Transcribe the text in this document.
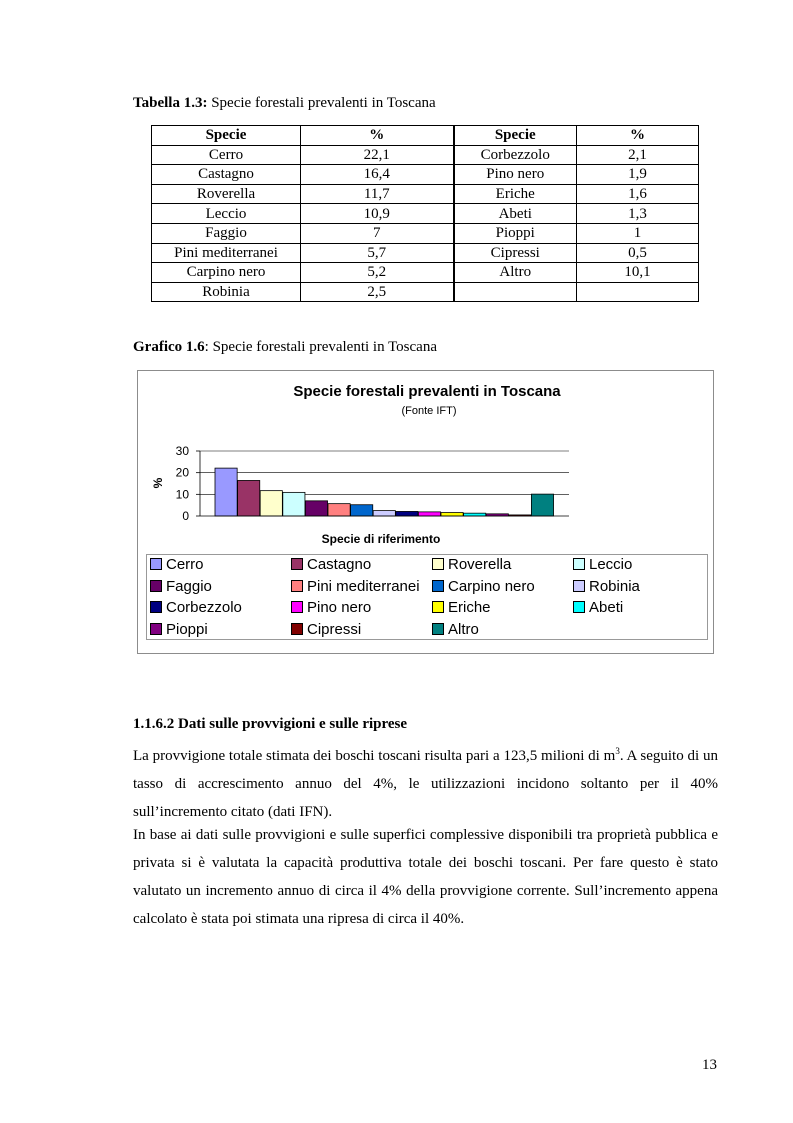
Tabella 1.3: Specie forestali prevalenti in Toscana
Specie	%	Specie	%
Cerro	22,1	Corbezzolo	2,1
Castagno	16,4	Pino nero	1,9
Roverella	11,7	Eriche	1,6
Leccio	10,9	Abeti	1,3
Faggio	7	Pioppi	1
Pini mediterranei	5,7	Cipressi	0,5
Carpino nero	5,2	Altro	10,1
Robinia	2,5		
Grafico 1.6: Specie forestali prevalenti in Toscana
Specie forestali prevalenti in Toscana
(Fonte IFT)
0
10
20
30
%
Specie di riferimento
Cerro	Castagno	Roverella	Leccio
Faggio	Pini mediterranei	Carpino nero	Robinia
Corbezzolo	Pino nero	Eriche	Abeti
Pioppi	Cipressi	Altro
1.1.6.2 Dati sulle provvigioni e sulle riprese

La provvigione totale stimata dei boschi toscani risulta pari a 123,5 milioni di $m^3$. A seguito di un tasso di accrescimento annuo del 4%, le utilizzazioni incidono soltanto per il 40% sull’incremento citato (dati IFN).

In base ai dati sulle provvigioni e sulle superfici complessive disponibili tra proprietà pubblica e privata si è valutata la capacità produttiva totale dei boschi toscani. Per fare questo è stato valutato un incremento annuo di circa il 4% della provvigione corrente. Sull’incremento appena calcolato è stata poi stimata una ripresa di circa il 40%.

13
